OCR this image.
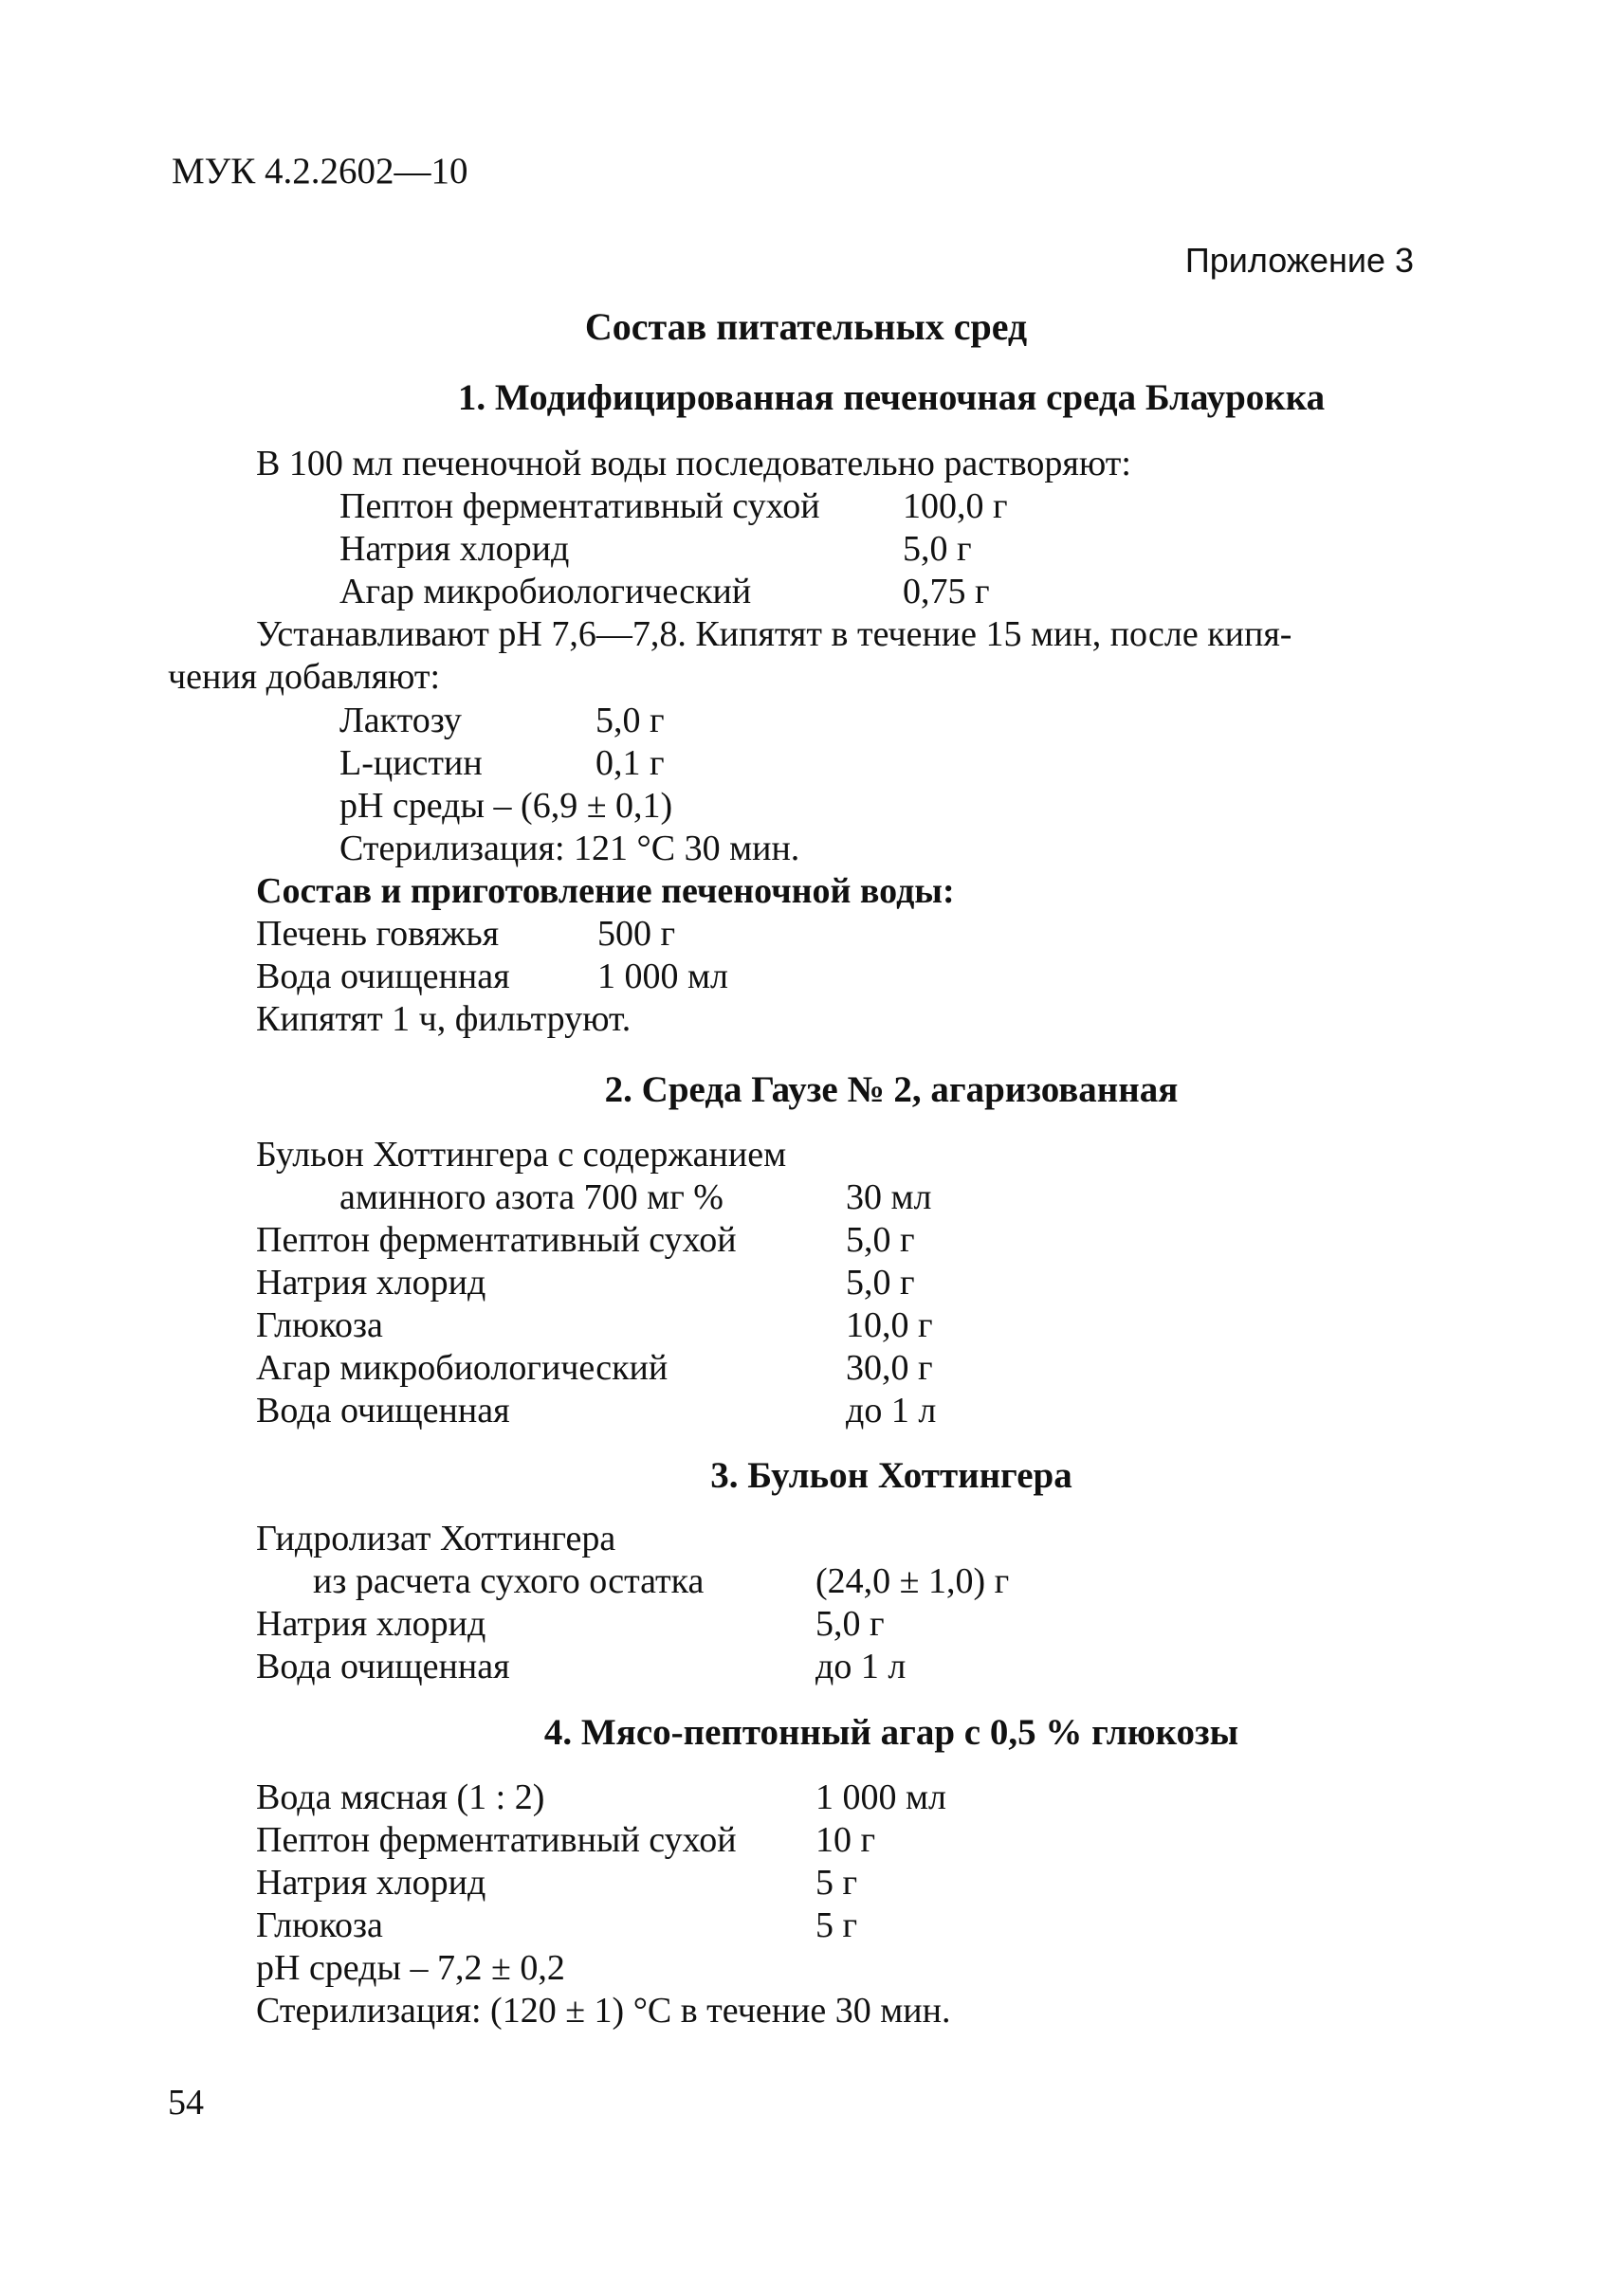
МУК 4.2.2602—10
Приложение 3
Состав питательных сред
1. Модифицированная печеночная среда Блаурокка
В 100 мл печеночной воды последовательно растворяют:
Пептон ферментативный сухой 100,0 г
Натрия хлорид	5,0 г
Агар микробиологический	0,75 г
Устанавливают рН 7,6—7,8. Кипятят в течение 15 мин, после кипя-
чения добавляют:
Лактозу	5,0 г
L-цистин	0,1 г
рН среды – (6,9 ± 0,1)
Стерилизация: 121 °С 30 мин.
Состав и приготовление печеночной воды:
Печень говяжья	500 г
Вода очищенная 1 000 мл
Кипятят 1 ч, фильтруют.
2. Среда Гаузе № 2, агаризованная
Бульон Хоттингера с содержанием
аминного азота 700 мг %	30 мл
Пептон ферментативный сухой	5,0 г
Натрия хлорид	5,0 г
Глюкоза	10,0 г
Агар микробиологический	30,0 г
Вода очищенная	до 1 л
3. Бульон Хоттингера
Гидролизат Хоттингера
из расчета сухого остатка	(24,0 ± 1,0) г
Натрия хлорид	5,0 г
Вода очищенная	до 1 л
4. Мясо-пептонный агар с 0,5 % глюкозы
Вода мясная (1 : 2)	1 000 мл
Пептон ферментативный сухой 10 г
Натрия хлорид	5 г
Глюкоза	5 г
рН среды – 7,2 ± 0,2
Стерилизация: (120 ± 1) °С в течение 30 мин.
54
